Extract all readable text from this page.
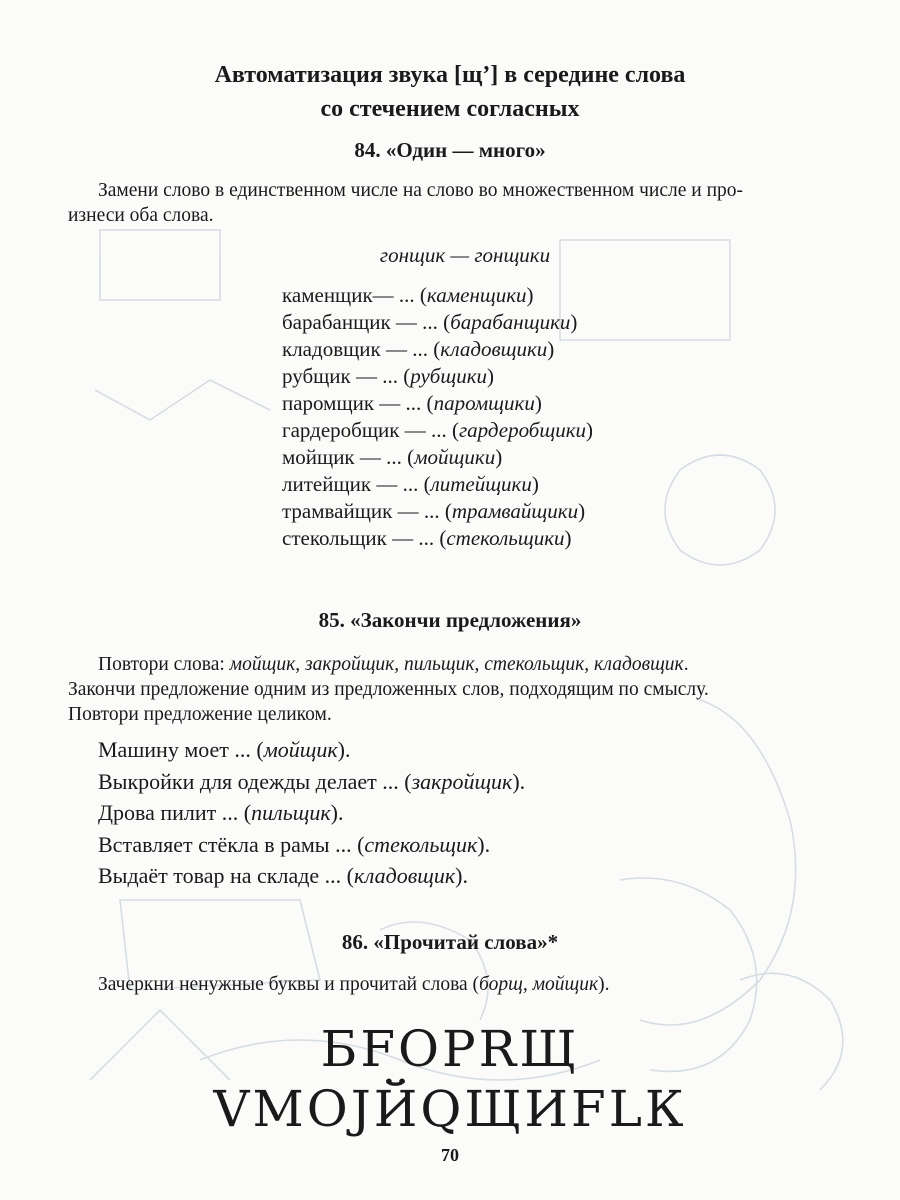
Автоматизация звука [щ’] в середине слова
со стечением согласных
84. «Один — много»
Замени слово в единственном числе на слово во множественном числе и про-
изнеси оба слова.
гонщик — гонщики
каменщик— ... (каменщики)
барабанщик — ... (барабанщики)
кладовщик — ... (кладовщики)
рубщик — ... (рубщики)
паромщик — ... (паромщики)
гардеробщик — ... (гардеробщики)
мойщик — ... (мойщики)
литейщик — ... (литейщики)
трамвайщик — ... (трамвайщики)
стекольщик — ... (стекольщики)
85. «Закончи предложения»
Повтори слова: мойщик, закройщик, пильщик, стекольщик, кладовщик.
Закончи предложение одним из предложенных слов, подходящим по смыслу.
Повтори предложение целиком.
Машину моет ... (мойщик).
Выкройки для одежды делает ... (закройщик).
Дрова пилит ... (пильщик).
Вставляет стёкла в рамы ... (стекольщик).
Выдаёт товар на складе ... (кладовщик).
86. «Прочитай слова»*
Зачеркни ненужные буквы и прочитай слова (борщ, мойщик).
БFОРRЩ
VМОJЙQЩИFLК
70
